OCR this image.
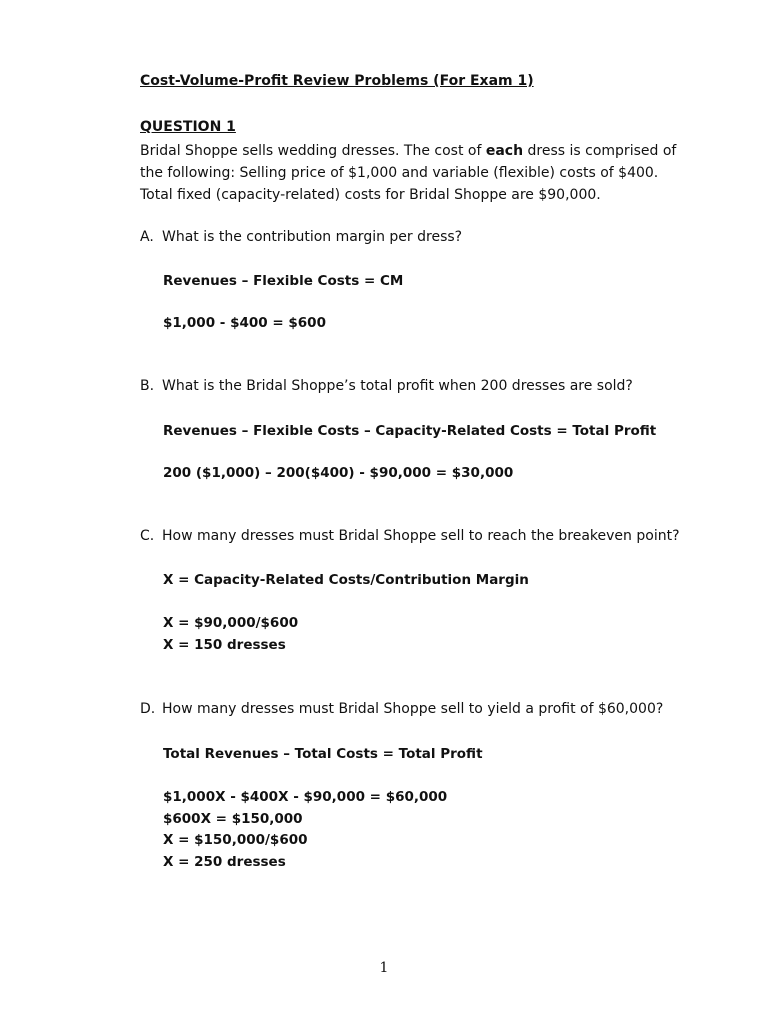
Cost-Volume-Profit Review Problems (For Exam 1)
QUESTION 1
Bridal Shoppe sells wedding dresses. The cost of each dress is comprised of
the following: Selling price of $1,000 and variable (flexible) costs of $400.
Total fixed (capacity-related) costs for Bridal Shoppe are $90,000.
A. What is the contribution margin per dress?
Revenues – Flexible Costs = CM
$1,000 - $400 = $600
B. What is the Bridal Shoppe’s total profit when 200 dresses are sold?
Revenues – Flexible Costs – Capacity-Related Costs = Total Profit
200 ($1,000) – 200($400) - $90,000 = $30,000
C. How many dresses must Bridal Shoppe sell to reach the breakeven point?
X = Capacity-Related Costs/Contribution Margin
X = $90,000/$600
X = 150 dresses
D. How many dresses must Bridal Shoppe sell to yield a profit of $60,000?
Total Revenues – Total Costs = Total Profit
$1,000X - $400X - $90,000 = $60,000
$600X = $150,000
X = $150,000/$600
X = 250 dresses
1
